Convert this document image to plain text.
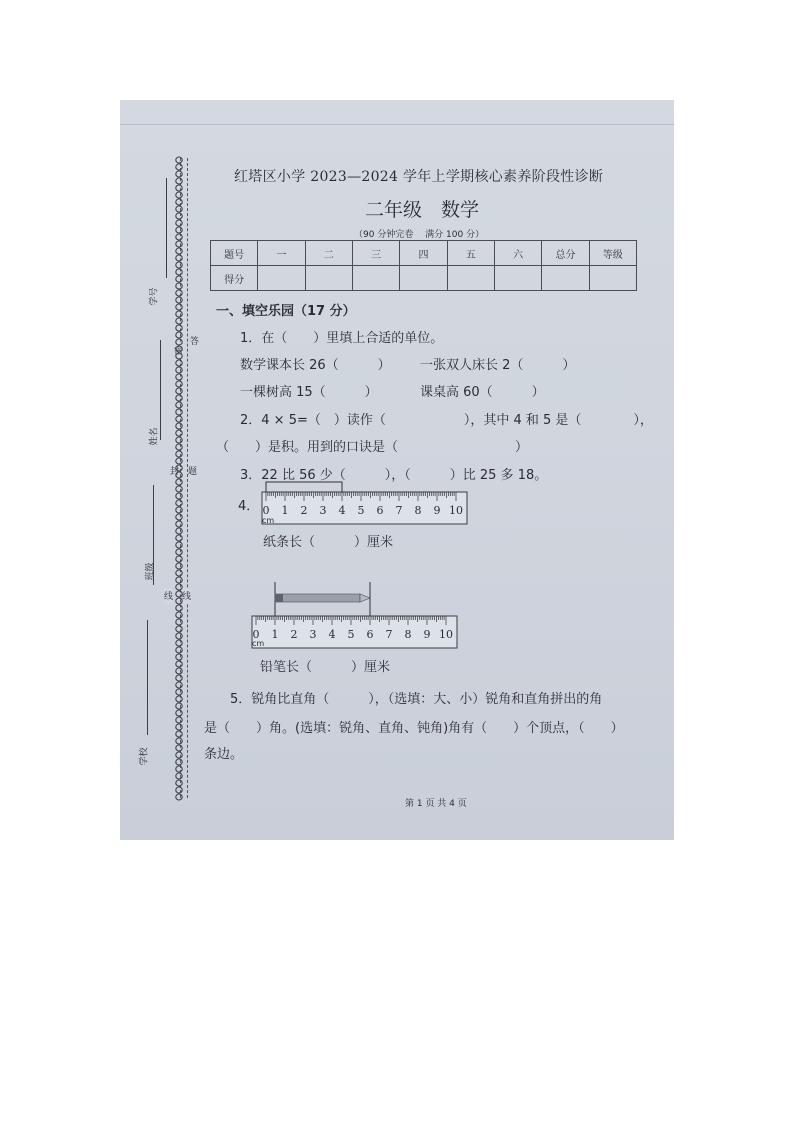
学号
姓名
班级
学校
密
答
封 题
线 线
红塔区小学 2023—2024 学年上学期核心素养阶段性诊断
二年级　数学
（90 分钟完卷　 满分 100 分）
题号	一	二	三	四	五	六	总分	等级
得分								
一、填空乐园（17 分）
1．在（　　）里填上合适的单位。
数学课本长 26（　　　） 一张双人床长 2（　　　）
一棵树高 15（　　　）	课桌高 60（　　　）
2．4 × 5=（　）读作（　　　　　　），其中 4 和 5 是（　　　　），
（　　）是积。用到的口诀是（　　　　　　　　　）
3．22 比 56 少（　　　），（　　　）比 25 多 18。
4． 0 1 2 3 4 5 6 7 8 9 10
cm
纸条长（　　　）厘米
0 1 2 3 4 5 6 7 8 9 10
cm
铅笔长（　　　）厘米
5．锐角比直角（　　　），（选填：大、小）锐角和直角拼出的角
是（　　）角。(选填：锐角、直角、钝角)角有（　　）个顶点，（　　）
条边。
第 1 页 共 4 页
